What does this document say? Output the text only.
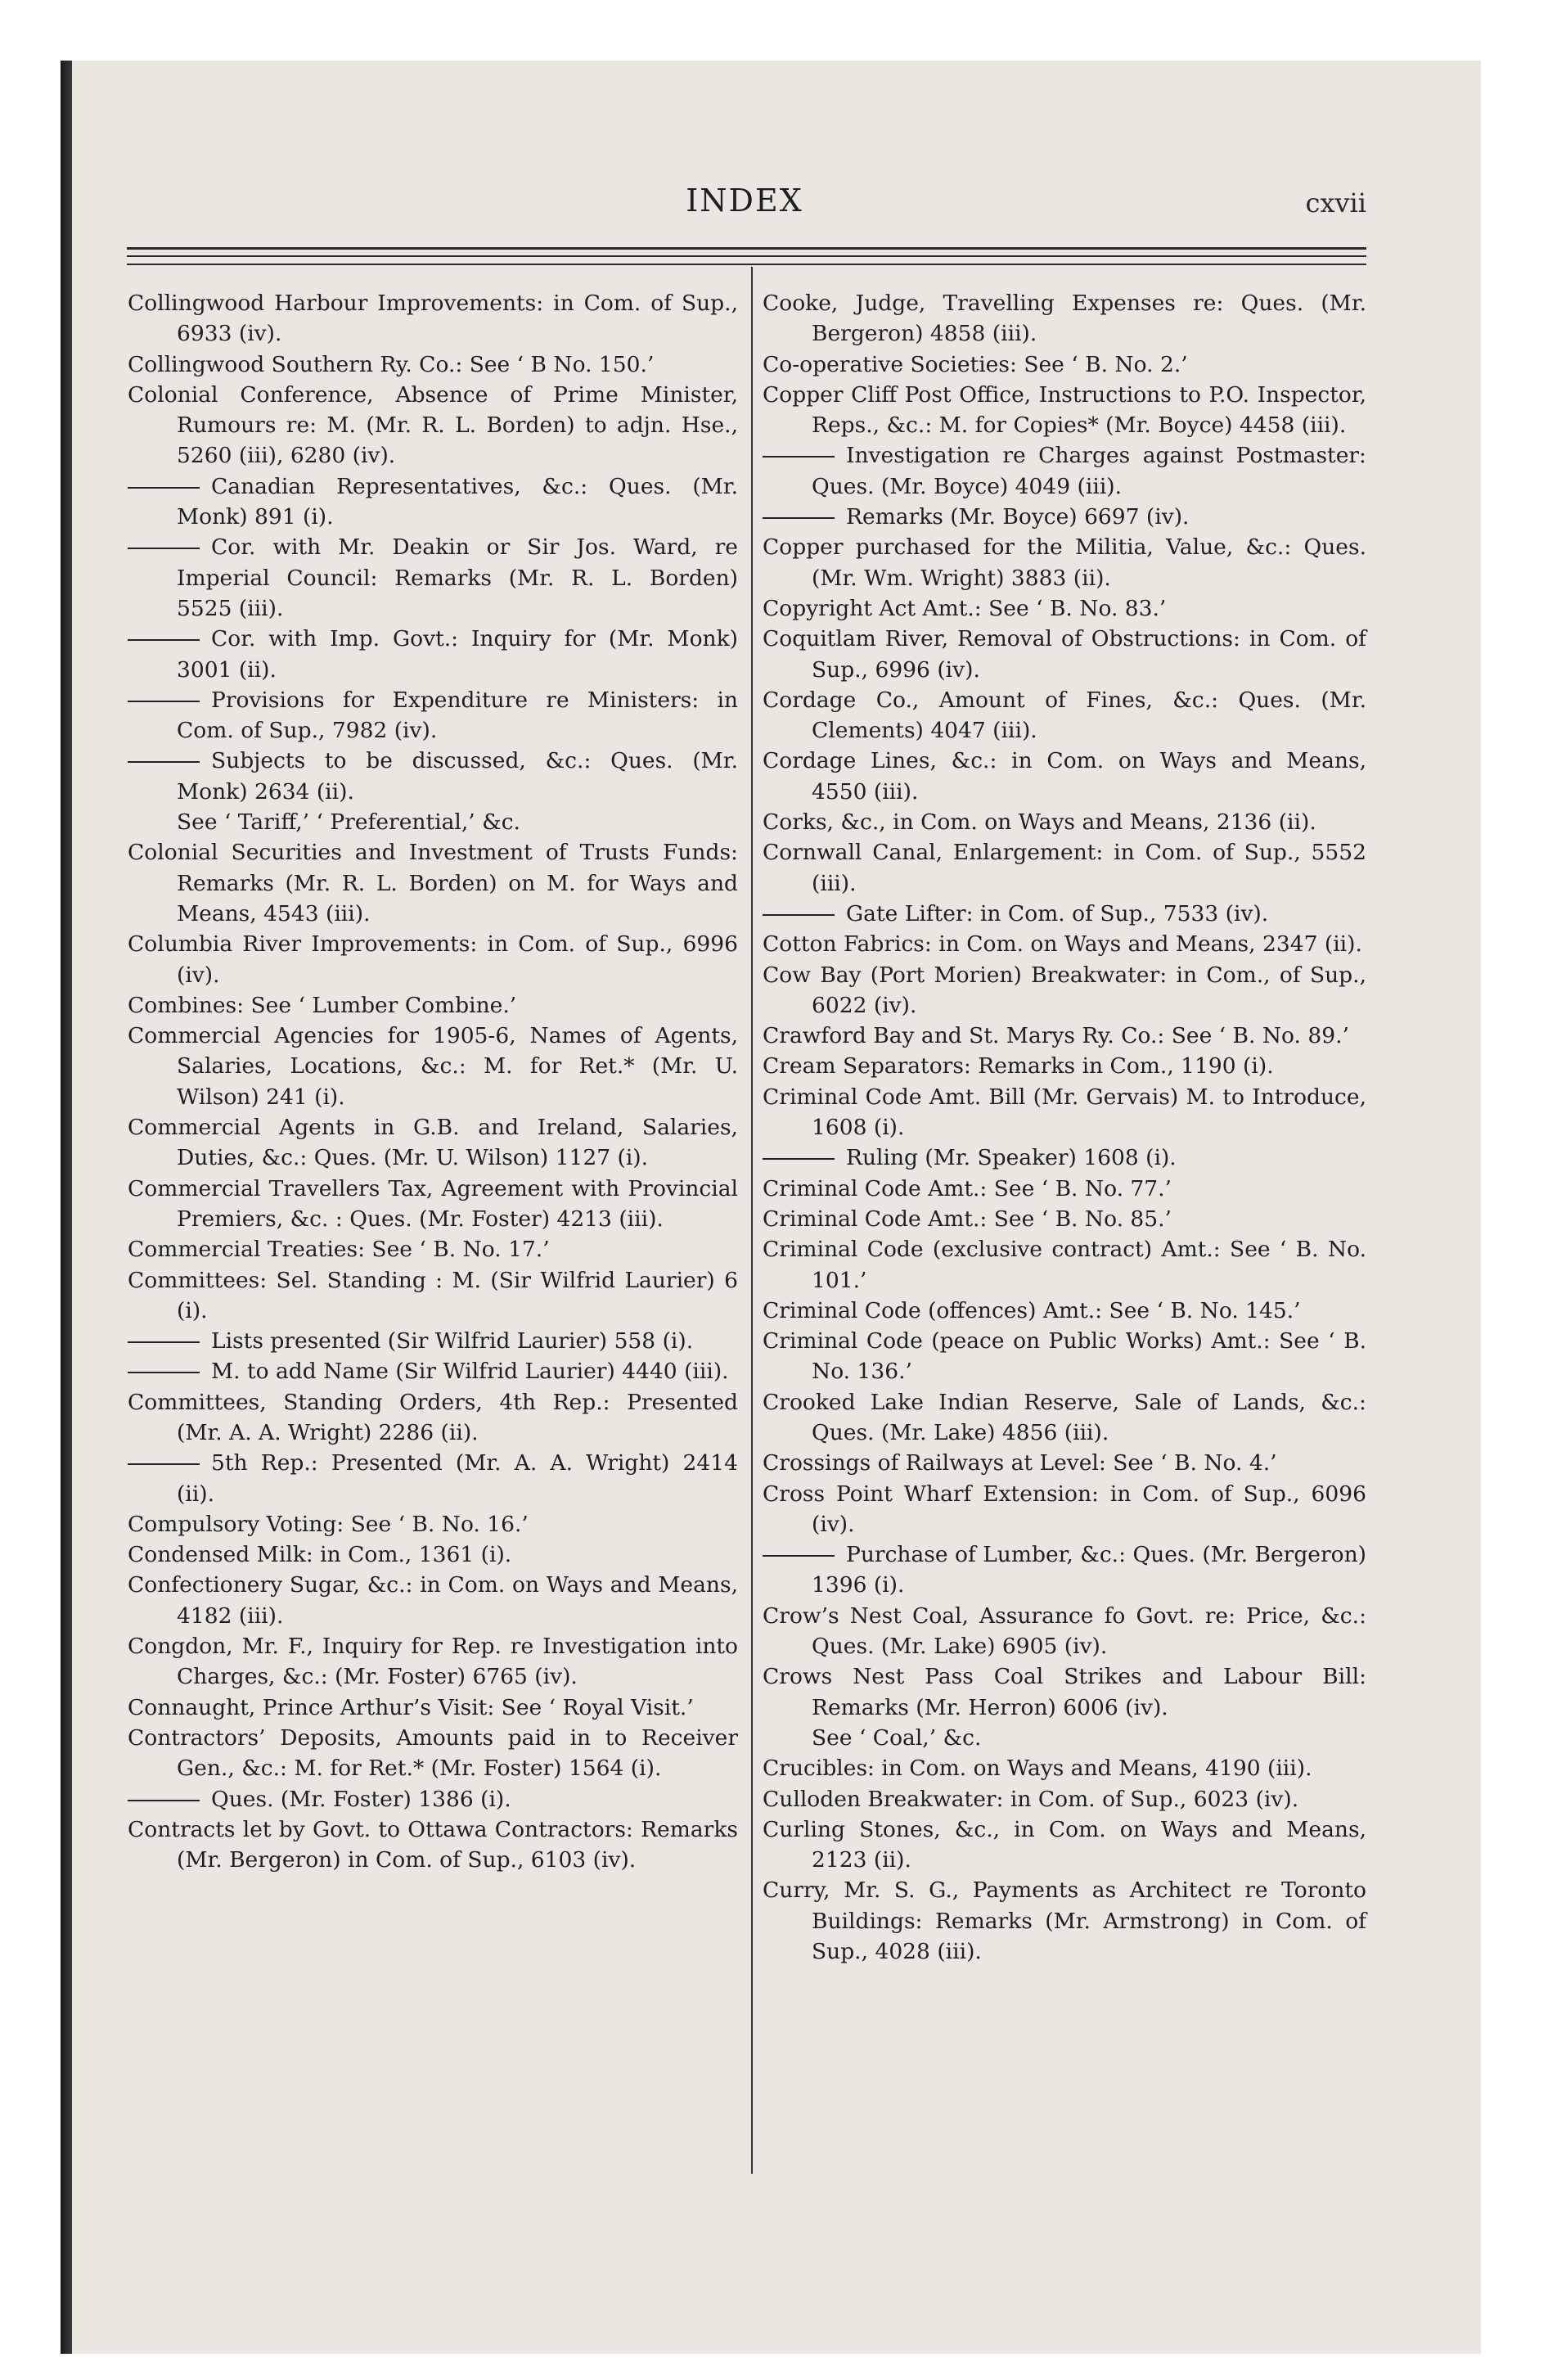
INDEX	cxvii

Collingwood Harbour Improvements: in Com. of Sup., 6933 (iv).

Collingwood Southern Ry. Co.: See ‘ B No. 150.’

Colonial Conference, Absence of Prime Minister, Rumours re: M. (Mr. R. L. Borden) to adjn. Hse., 5260 (iii), 6280 (iv).

Canadian Representatives, &c.: Ques. (Mr. Monk) 891 (i).

Cor. with Mr. Deakin or Sir Jos. Ward, re Imperial Council: Remarks (Mr. R. L. Borden) 5525 (iii).

Cor. with Imp. Govt.: Inquiry for (Mr. Monk) 3001 (ii).

Provisions for Expenditure re Ministers: in Com. of Sup., 7982 (iv).

Subjects to be discussed, &c.: Ques. (Mr. Monk) 2634 (ii).

See ‘ Tariff,’ ‘ Preferential,’ &c.

Colonial Securities and Investment of Trusts Funds: Remarks (Mr. R. L. Borden) on M. for Ways and Means, 4543 (iii).

Columbia River Improvements: in Com. of Sup., 6996 (iv).

Combines: See ‘ Lumber Combine.’

Commercial Agencies for 1905-6, Names of Agents, Salaries, Locations, &c.: M. for Ret.* (Mr. U. Wilson) 241 (i).

Commercial Agents in G.B. and Ireland, Salaries, Duties, &c.: Ques. (Mr. U. Wilson) 1127 (i).

Commercial Travellers Tax, Agreement with Provincial Premiers, &c. : Ques. (Mr. Foster) 4213 (iii).

Commercial Treaties: See ‘ B. No. 17.’

Committees: Sel. Standing : M. (Sir Wilfrid Laurier) 6 (i).

Lists presented (Sir Wilfrid Laurier) 558 (i).

M. to add Name (Sir Wilfrid Laurier) 4440 (iii).

Committees, Standing Orders, 4th Rep.: Presented (Mr. A. A. Wright) 2286 (ii).

5th Rep.: Presented (Mr. A. A. Wright) 2414 (ii).

Compulsory Voting: See ‘ B. No. 16.’

Condensed Milk: in Com., 1361 (i).

Confectionery Sugar, &c.: in Com. on Ways and Means, 4182 (iii).

Congdon, Mr. F., Inquiry for Rep. re Investigation into Charges, &c.: (Mr. Foster) 6765 (iv).

Connaught, Prince Arthur’s Visit: See ‘ Royal Visit.’

Contractors’ Deposits, Amounts paid in to Receiver Gen., &c.: M. for Ret.* (Mr. Foster) 1564 (i).

Ques. (Mr. Foster) 1386 (i).

Contracts let by Govt. to Ottawa Contractors: Remarks (Mr. Bergeron) in Com. of Sup., 6103 (iv).

Cooke, Judge, Travelling Expenses re: Ques. (Mr. Bergeron) 4858 (iii).

Co-operative Societies: See ‘ B. No. 2.’

Copper Cliff Post Office, Instructions to P.O. Inspector, Reps., &c.: M. for Copies* (Mr. Boyce) 4458 (iii).

Investigation re Charges against Postmaster: Ques. (Mr. Boyce) 4049 (iii).

Remarks (Mr. Boyce) 6697 (iv).

Copper purchased for the Militia, Value, &c.: Ques. (Mr. Wm. Wright) 3883 (ii).

Copyright Act Amt.: See ‘ B. No. 83.’

Coquitlam River, Removal of Obstructions: in Com. of Sup., 6996 (iv).

Cordage Co., Amount of Fines, &c.: Ques. (Mr. Clements) 4047 (iii).

Cordage Lines, &c.: in Com. on Ways and Means, 4550 (iii).

Corks, &c., in Com. on Ways and Means, 2136 (ii).

Cornwall Canal, Enlargement: in Com. of Sup., 5552 (iii).

Gate Lifter: in Com. of Sup., 7533 (iv).

Cotton Fabrics: in Com. on Ways and Means, 2347 (ii).

Cow Bay (Port Morien) Breakwater: in Com., of Sup., 6022 (iv).

Crawford Bay and St. Marys Ry. Co.: See ‘ B. No. 89.’

Cream Separators: Remarks in Com., 1190 (i).

Criminal Code Amt. Bill (Mr. Gervais) M. to Introduce, 1608 (i).

Ruling (Mr. Speaker) 1608 (i).

Criminal Code Amt.: See ‘ B. No. 77.’

Criminal Code Amt.: See ‘ B. No. 85.’

Criminal Code (exclusive contract) Amt.: See ‘ B. No. 101.’

Criminal Code (offences) Amt.: See ‘ B. No. 145.’

Criminal Code (peace on Public Works) Amt.: See ‘ B. No. 136.’

Crooked Lake Indian Reserve, Sale of Lands, &c.: Ques. (Mr. Lake) 4856 (iii).

Crossings of Railways at Level: See ‘ B. No. 4.’

Cross Point Wharf Extension: in Com. of Sup., 6096 (iv).

Purchase of Lumber, &c.: Ques. (Mr. Bergeron) 1396 (i).

Crow’s Nest Coal, Assurance fo Govt. re: Price, &c.: Ques. (Mr. Lake) 6905 (iv).

Crows Nest Pass Coal Strikes and Labour Bill: Remarks (Mr. Herron) 6006 (iv).

See ‘ Coal,’ &c.

Crucibles: in Com. on Ways and Means, 4190 (iii).

Culloden Breakwater: in Com. of Sup., 6023 (iv).

Curling Stones, &c., in Com. on Ways and Means, 2123 (ii).

Curry, Mr. S. G., Payments as Architect re Toronto Buildings: Remarks (Mr. Armstrong) in Com. of Sup., 4028 (iii).
